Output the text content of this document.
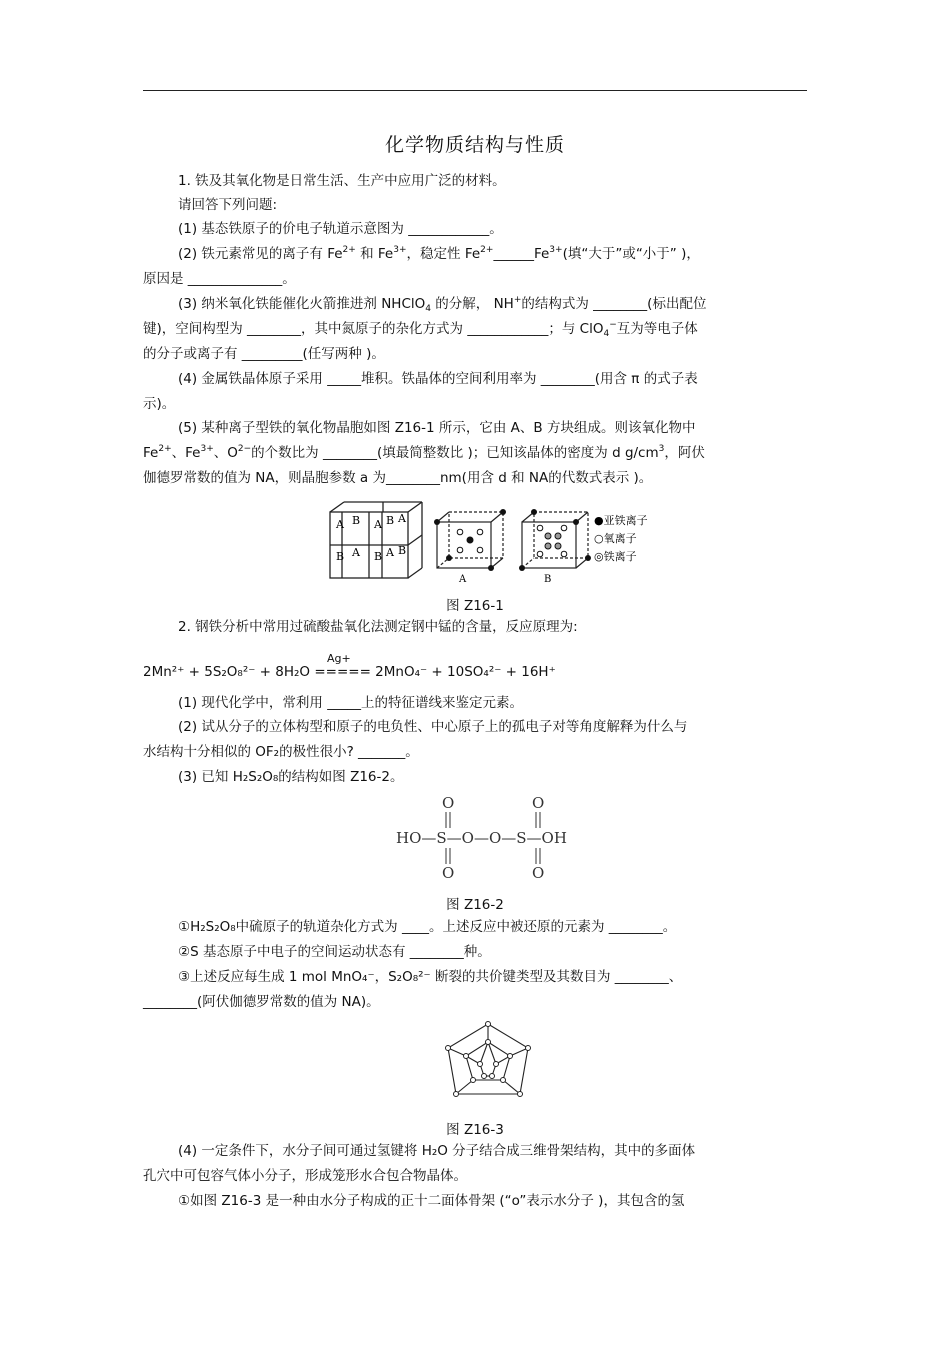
化学物质结构与性质
1. 铁及其氧化物是日常生活、生产中应用广泛的材料。
请回答下列问题:
(1) 基态铁原子的价电子轨道示意图为 ____________。
(2) 铁元素常见的离子有 $Fe^{2+}$ 和 $Fe^{3+}$，稳定性 $Fe^{2+}\_\_\_\_\_\_Fe^{3+}$(填“大于”或“小于” )，
原因是 ______________。
(3) 纳米氧化铁能催化火箭推进剂 NHClO$_4$ 的分解， NH+的结构式为 ________(标出配位
键)，空间构型为 ________，其中氮原子的杂化方式为 ____________；与 ClO$_4$−互为等电子体
的分子或离子有 _________(任写两种 )。
(4) 金属铁晶体原子采用 _____堆积。铁晶体的空间利用率为 ________(用含 π 的式子表
示)。
(5) 某种离子型铁的氧化物晶胞如图 Z16-1 所示，它由 A、B 方块组成。则该氧化物中
$Fe^{2+}$、$Fe^{3+}$、$O^{2-}$的个数比为 ________(填最简整数比 )；已知该晶体的密度为 d $g/cm^3$，阿伏
伽德罗常数的值为 NA，则晶胞参数 a 为________nm(用含 d 和 NA的代数式表示 )。
A B A B A
B A B A B
A	B
●亚铁离子
○氧离子
◎铁离子
图 Z16-1
2. 钢铁分析中常用过硫酸盐氧化法测定钢中锰的含量，反应原理为:
Ag+
2Mn²⁺ + 5S₂O₈²⁻ + 8H₂O ===== 2MnO₄⁻ + 10SO₄²⁻ + 16H⁺
(1) 现代化学中，常利用 _____上的特征谱线来鉴定元素。
(2) 试从分子的立体构型和原子的电负性、中心原子上的孤电子对等角度解释为什么与
水结构十分相似的 OF₂的极性很小? _______。
(3) 已知 H₂S₂O₈的结构如图 Z16-2。
O	O
O	O
HO—S—O—O—S—OH
图 Z16-2
①H₂S₂O₈中硫原子的轨道杂化方式为 ____。上述反应中被还原的元素为 ________。
②S 基态原子中电子的空间运动状态有 ________种。
③上述反应每生成 1 mol MnO₄⁻，S₂O₈²⁻ 断裂的共价键类型及其数目为 ________、
________(阿伏伽德罗常数的值为 NA)。
图 Z16-3
(4) 一定条件下，水分子间可通过氢键将 H₂O 分子结合成三维骨架结构，其中的多面体
孔穴中可包容气体小分子，形成笼形水合包合物晶体。
①如图 Z16-3 是一种由水分子构成的正十二面体骨架 (“o”表示水分子 )，其包含的氢
